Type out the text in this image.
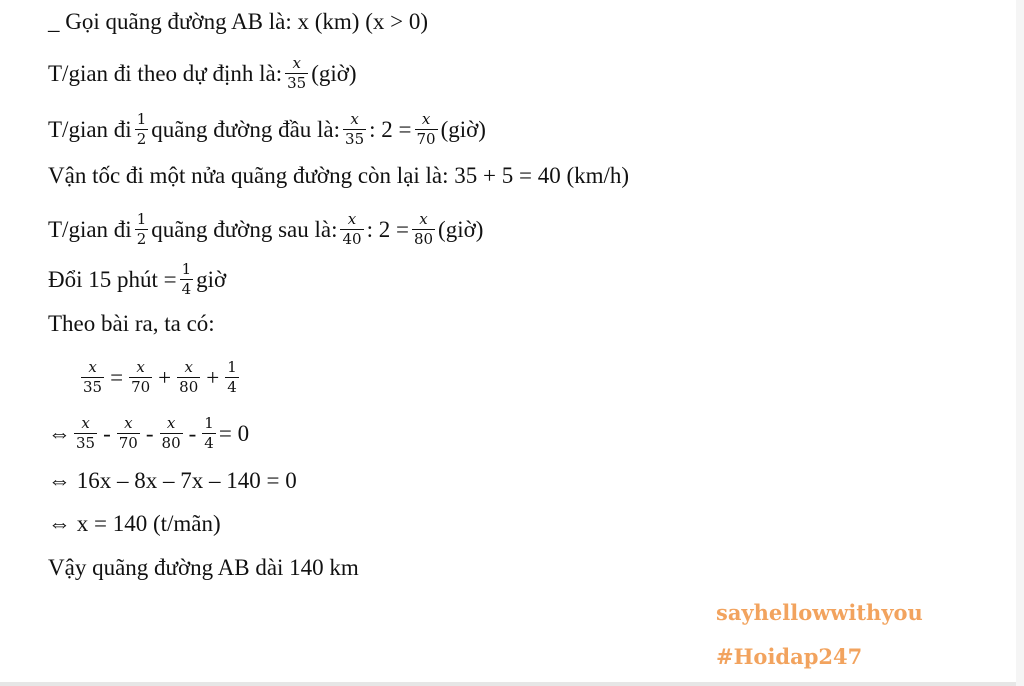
_ Gọi quãng đường AB là: x (km) (x > 0)
T/gian đi theo dự định là: $\frac{x}{35}$ (giờ)
T/gian đi $\frac{1}{2}$ quãng đường đầu là: $\frac{x}{35}$ : $2 = \frac{x}{70}$ (giờ)
Vận tốc đi một nửa quãng đường còn lại là: 35 + 5 = 40 (km/h)
T/gian đi $\frac{1}{2}$ quãng đường sau là: $\frac{x}{40}$ : $2 = \frac{x}{80}$ (giờ)
Đổi 15 phút = $\frac{1}{4}$ giờ
Theo bài ra, ta có:
$\frac{x}{35} = \frac{x}{70} + \frac{x}{80} + \frac{1}{4}$
⇔ $\frac{x}{35} - \frac{x}{70} - \frac{x}{80} - \frac{1}{4} = 0$
⇔ 16x – 8x – 7x – 140 = 0
⇔ x = 140 (t/mãn)
Vậy quãng đường AB dài 140 km
sayhellowwithyou
#Hoidap247
